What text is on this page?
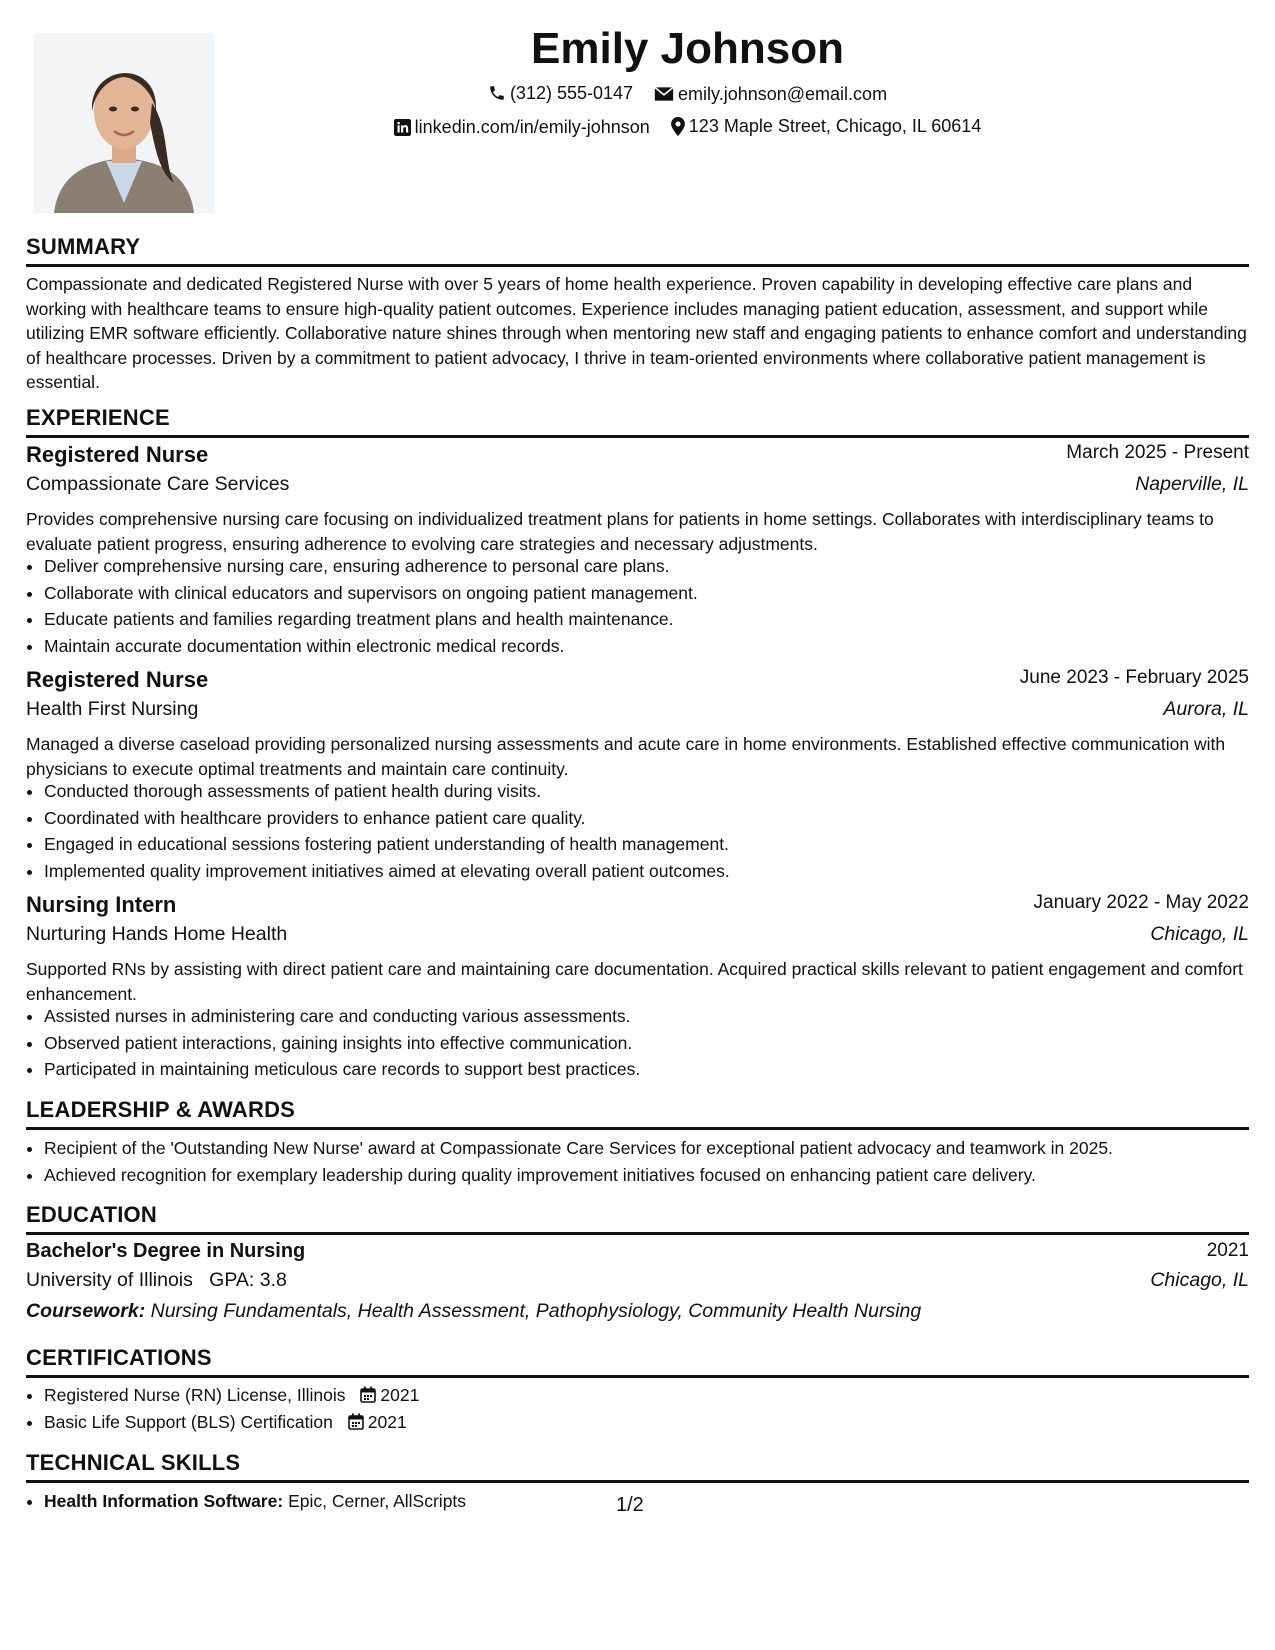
Emily Johnson
(312) 555-0147
	emily.johnson@email.com
linkedin.com/in/emily-johnson
123 Maple Street, Chicago, IL 60614
SUMMARY
Compassionate and dedicated Registered Nurse with over 5 years of home health experience. Proven capability in developing effective care plans and working with healthcare teams to ensure high-quality patient outcomes. Experience includes managing patient education, assessment, and support while utilizing EMR software efficiently. Collaborative nature shines through when mentoring new staff and engaging patients to enhance comfort and understanding of healthcare processes. Driven by a commitment to patient advocacy, I thrive in team-oriented environments where collaborative patient management is essential.
EXPERIENCE
Registered Nurse	March 2025 - Present
Compassionate Care Services	Naperville, IL
Provides comprehensive nursing care focusing on individualized treatment plans for patients in home settings. Collaborates with interdisciplinary teams to evaluate patient progress, ensuring adherence to evolving care strategies and necessary adjustments.
• Deliver comprehensive nursing care, ensuring adherence to personal care plans.
• Collaborate with clinical educators and supervisors on ongoing patient management.
• Educate patients and families regarding treatment plans and health maintenance.
• Maintain accurate documentation within electronic medical records.
Registered Nurse	June 2023 - February 2025
Health First Nursing	Aurora, IL
Managed a diverse caseload providing personalized nursing assessments and acute care in home environments. Established effective communication with physicians to execute optimal treatments and maintain care continuity.
• Conducted thorough assessments of patient health during visits.
• Coordinated with healthcare providers to enhance patient care quality.
• Engaged in educational sessions fostering patient understanding of health management.
• Implemented quality improvement initiatives aimed at elevating overall patient outcomes.
Nursing Intern	January 2022 - May 2022
Nurturing Hands Home Health	Chicago, IL
Supported RNs by assisting with direct patient care and maintaining care documentation. Acquired practical skills relevant to patient engagement and comfort enhancement.
• Assisted nurses in administering care and conducting various assessments.
• Observed patient interactions, gaining insights into effective communication.
• Participated in maintaining meticulous care records to support best practices.
LEADERSHIP & AWARDS
• Recipient of the 'Outstanding New Nurse' award at Compassionate Care Services for exceptional patient advocacy and teamwork in 2025.
• Achieved recognition for exemplary leadership during quality improvement initiatives focused on enhancing patient care delivery.
EDUCATION
Bachelor's Degree in Nursing	2021
University of Illinois GPA: 3.8	Chicago, IL
Coursework: Nursing Fundamentals, Health Assessment, Pathophysiology, Community Health Nursing
CERTIFICATIONS
• Registered Nurse (RN) License, Illinois 2021
• Basic Life Support (BLS) Certification 2021
TECHNICAL SKILLS
• Health Information Software: Epic, Cerner, AllScripts	1/2
